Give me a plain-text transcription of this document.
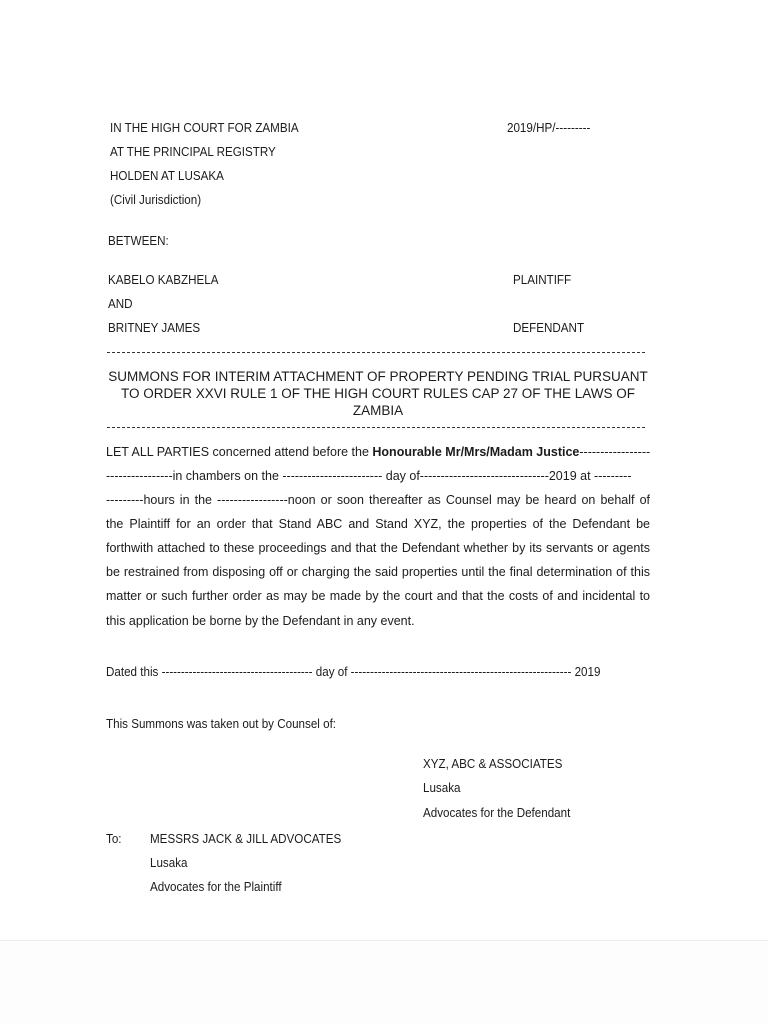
IN THE HIGH COURT FOR ZAMBIA	2019/HP/---------
AT THE PRINCIPAL REGISTRY
HOLDEN AT LUSAKA
(Civil Jurisdiction)
BETWEEN:
KABELO KABZHELA	PLAINTIFF
AND
BRITNEY JAMES	DEFENDANT
SUMMONS FOR INTERIM ATTACHMENT OF PROPERTY PENDING TRIAL PURSUANT
TO ORDER XXVI RULE 1 OF THE HIGH COURT RULES CAP 27 OF THE LAWS OF
ZAMBIA
LET ALL PARTIES concerned attend before the Honourable Mr/Mrs/Madam Justice-----------------
----------------in chambers on the ------------------------ day of-------------------------------2019 at ---------
---------hours in the -----------------noon or soon thereafter as Counsel may be heard on behalf of
the Plaintiff for an order that Stand ABC and Stand XYZ, the properties of the Defendant be
forthwith attached to these proceedings and that the Defendant whether by its servants or agents
be restrained from disposing off or charging the said properties until the final determination of this
matter or such further order as may be made by the court and that the costs of and incidental to
this application be borne by the Defendant in any event.
Dated this --------------------------------------- day of --------------------------------------------------------- 2019
This Summons was taken out by Counsel of:
XYZ, ABC & ASSOCIATES
Lusaka
Advocates for the Defendant
To: MESSRS JACK & JILL ADVOCATES
Lusaka
Advocates for the Plaintiff
